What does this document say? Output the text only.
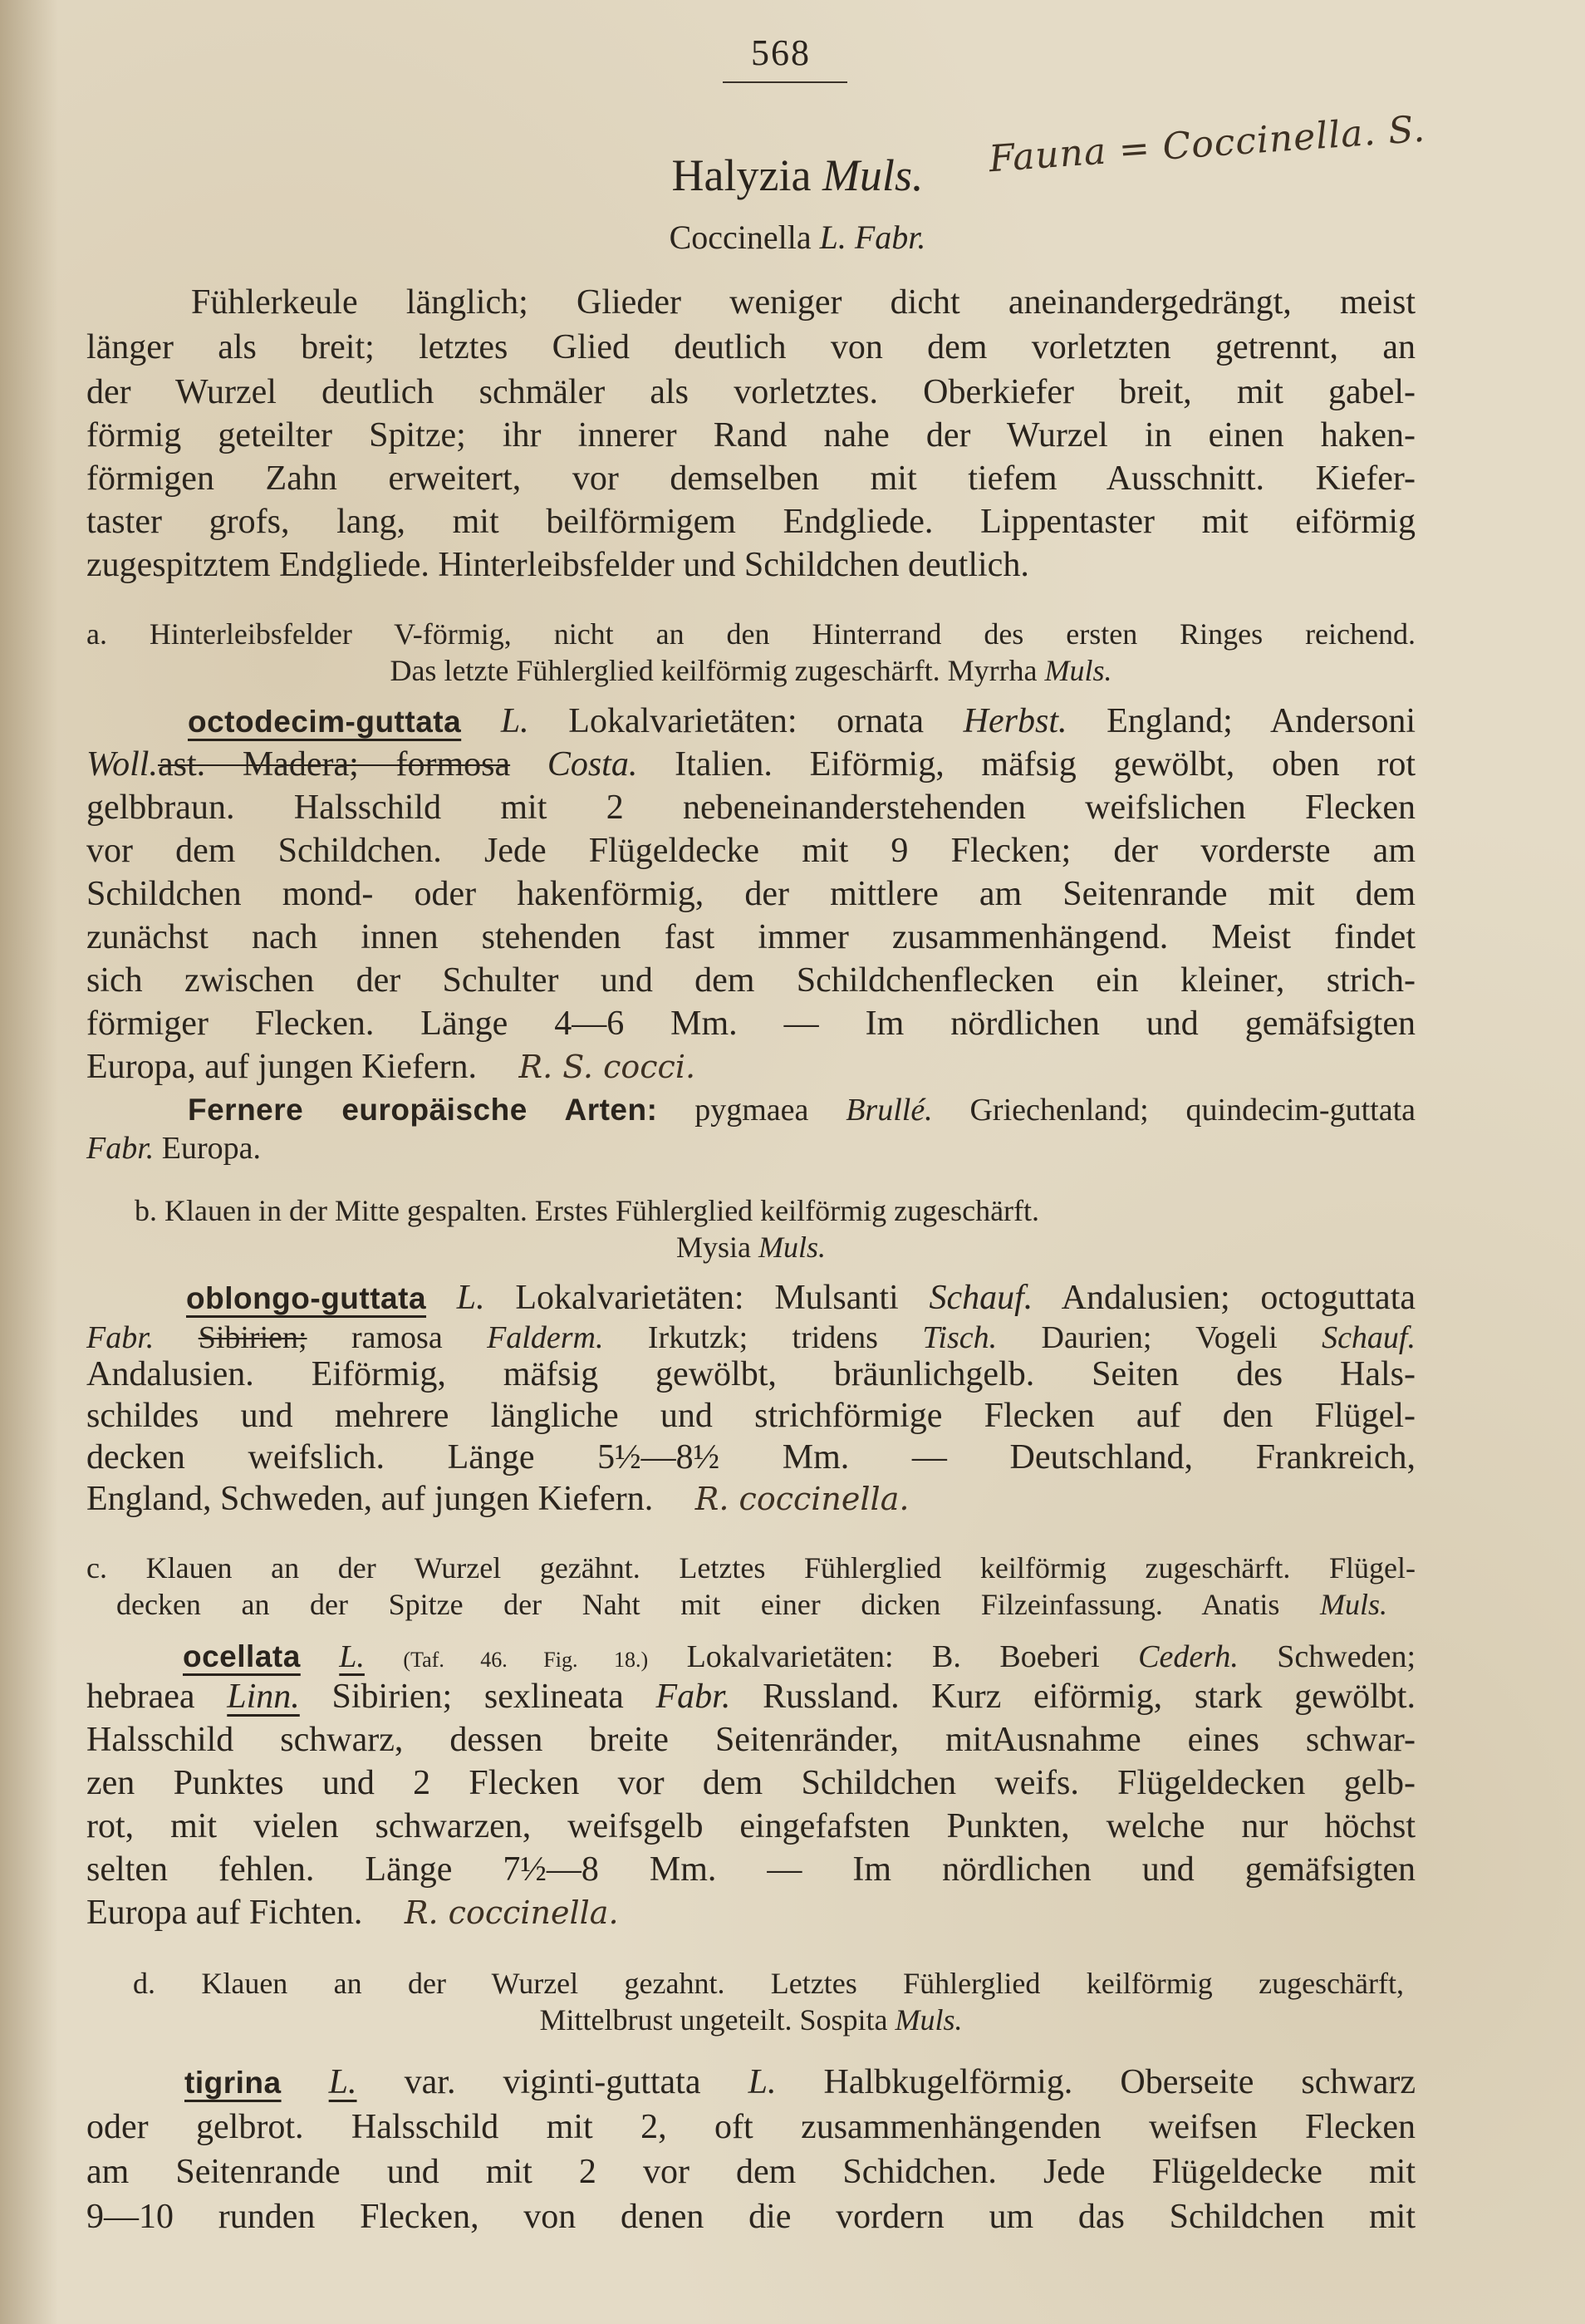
568
Halyzia Muls.	Fauna = Coccinella. S.
Coccinella L. Fabr.
Fühlerkeule länglich; Glieder weniger dicht aneinandergedrängt, meist
länger als breit; letztes Glied deutlich von dem vorletzten getrennt, an
der Wurzel deutlich schmäler als vorletztes. Oberkiefer breit, mit gabel-
förmig geteilter Spitze; ihr innerer Rand nahe der Wurzel in einen haken-
förmigen Zahn erweitert, vor demselben mit tiefem Ausschnitt. Kiefer-
taster grofs, lang, mit beilförmigem Endgliede. Lippentaster mit eiförmig
zugespitztem Endgliede. Hinterleibsfelder und Schildchen deutlich.
a. Hinterleibsfelder V-förmig, nicht an den Hinterrand des ersten Ringes reichend.
Das letzte Fühlerglied keilförmig zugeschärft. Myrrha Muls.
octodecim-guttata L. Lokalvarietäten: ornata Herbst. England; Andersoni
Woll.ast. Madera; formosa Costa. Italien. Eiförmig, mäfsig gewölbt, oben rot
gelbbraun. Halsschild mit 2 nebeneinanderstehenden weifslichen Flecken
vor dem Schildchen. Jede Flügeldecke mit 9 Flecken; der vorderste am
Schildchen mond- oder hakenförmig, der mittlere am Seitenrande mit dem
zunächst nach innen stehenden fast immer zusammenhängend. Meist findet
sich zwischen der Schulter und dem Schildchenflecken ein kleiner, strich-
förmiger Flecken. Länge 4—6 Mm. — Im nördlichen und gemäfsigten
Europa, auf jungen Kiefern. R. S. cocci.
Fernere europäische Arten: pygmaea Brullé. Griechenland; quindecim-guttata
Fabr. Europa.
b. Klauen in der Mitte gespalten. Erstes Fühlerglied keilförmig zugeschärft.
Mysia Muls.
oblongo-guttata L. Lokalvarietäten: Mulsanti Schauf. Andalusien; octoguttata
Fabr. Sibirien; ramosa Falderm. Irkutzk; tridens Tisch. Daurien; Vogeli Schauf.
Andalusien. Eiförmig, mäfsig gewölbt, bräunlichgelb. Seiten des Hals-
schildes und mehrere längliche und strichförmige Flecken auf den Flügel-
decken weifslich. Länge 5½—8½ Mm. — Deutschland, Frankreich,
England, Schweden, auf jungen Kiefern. R. coccinella.
c. Klauen an der Wurzel gezähnt. Letztes Fühlerglied keilförmig zugeschärft. Flügel-
decken an der Spitze der Naht mit einer dicken Filzeinfassung. Anatis Muls.
ocellata L. (Taf. 46. Fig. 18.) Lokalvarietäten: B. Boeberi Cederh. Schweden;
hebraea Linn. Sibirien; sexlineata Fabr. Russland. Kurz eiförmig, stark gewölbt.
Halsschild schwarz, dessen breite Seitenränder, mitAusnahme eines schwar-
zen Punktes und 2 Flecken vor dem Schildchen weifs. Flügeldecken gelb-
rot, mit vielen schwarzen, weifsgelb eingefafsten Punkten, welche nur höchst
selten fehlen. Länge 7½—8 Mm. — Im nördlichen und gemäfsigten
Europa auf Fichten. R. coccinella.
d. Klauen an der Wurzel gezahnt. Letztes Fühlerglied keilförmig zugeschärft,
Mittelbrust ungeteilt. Sospita Muls.
tigrina L. var. viginti-guttata L. Halbkugelförmig. Oberseite schwarz
oder gelbrot. Halsschild mit 2, oft zusammenhängenden weifsen Flecken
am Seitenrande und mit 2 vor dem Schidchen. Jede Flügeldecke mit
9—10 runden Flecken, von denen die vordern um das Schildchen mit
